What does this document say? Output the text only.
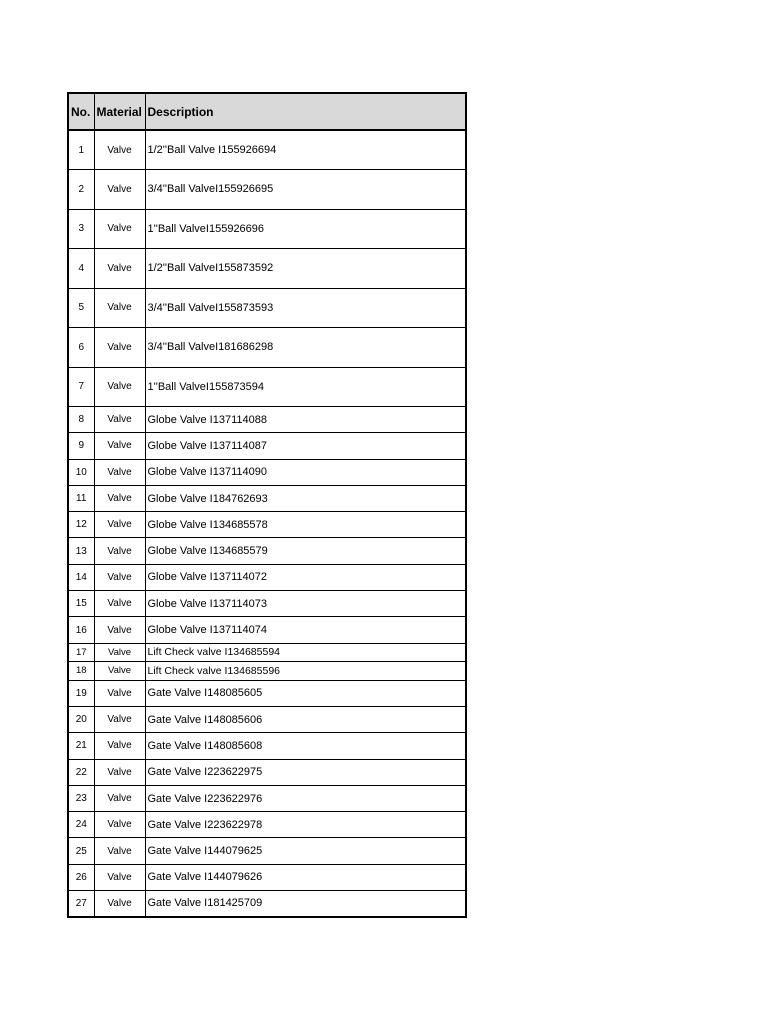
No.	Material	Description
1	Valve	1/2''Ball Valve I155926694
2	Valve	3/4''Ball ValveI155926695
3	Valve	1''Ball ValveI155926696
4	Valve	1/2''Ball ValveI155873592
5	Valve	3/4''Ball ValveI155873593
6	Valve	3/4''Ball ValveI181686298
7	Valve	1''Ball ValveI155873594
8	Valve	Globe Valve I137114088
9	Valve	Globe Valve I137114087
10	Valve	Globe Valve I137114090
11	Valve	Globe Valve I184762693
12	Valve	Globe Valve I134685578
13	Valve	Globe Valve I134685579
14	Valve	Globe Valve I137114072
15	Valve	Globe Valve I137114073
16	Valve	Globe Valve I137114074
17	Valve	Lift Check valve I134685594
18	Valve	Lift Check valve I134685596
19	Valve	Gate Valve I148085605
20	Valve	Gate Valve I148085606
21	Valve	Gate Valve I148085608
22	Valve	Gate Valve I223622975
23	Valve	Gate Valve I223622976
24	Valve	Gate Valve I223622978
25	Valve	Gate Valve I144079625
26	Valve	Gate Valve I144079626
27	Valve	Gate Valve I181425709
